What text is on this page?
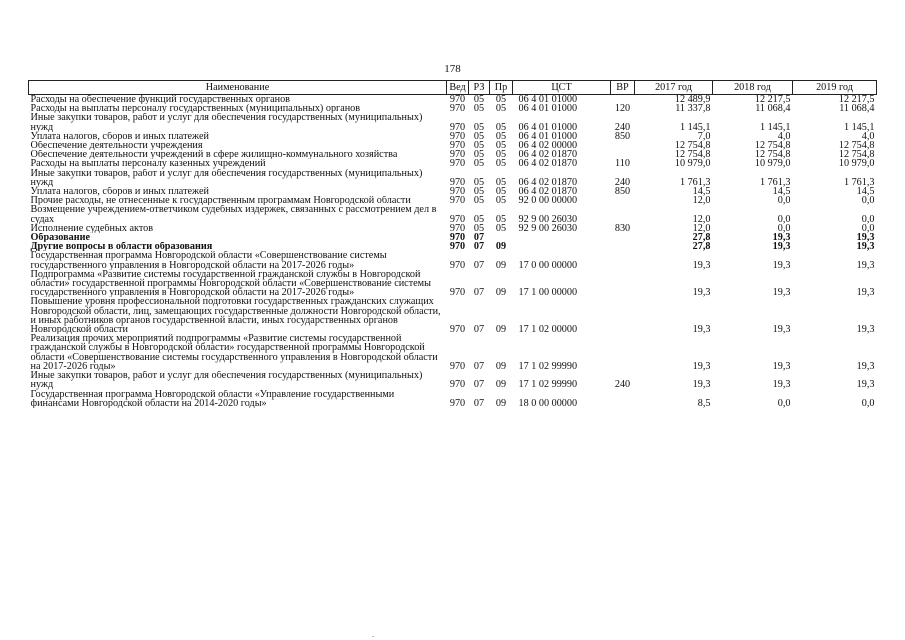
178
Наименование	Вед	РЗ	Пр	ЦСТ	ВР	2017 год	2018 год	2019 год
Расходы на обеспечение функций государственных органов	970	05	05	06 4 01 01000		12 489,9	12 217,5	12 217,5
Расходы на выплаты персоналу государственных (муниципальных) органов	970	05	05	06 4 01 01000	120	11 337,8	11 068,4	11 068,4
Иные закупки товаров, работ и услуг для обеспечения государственных (муниципальных) нужд	970	05	05	06 4 01 01000	240	1 145,1	1 145,1	1 145,1
Уплата налогов, сборов и иных платежей	970	05	05	06 4 01 01000	850	7,0	4,0	4,0
Обеспечение деятельности учреждения	970	05	05	06 4 02 00000		12 754,8	12 754,8	12 754,8
Обеспечение деятельности учреждений в сфере жилищно-коммунального хозяйства	970	05	05	06 4 02 01870		12 754,8	12 754,8	12 754,8
Расходы на выплаты персоналу казенных учреждений	970	05	05	06 4 02 01870	110	10 979,0	10 979,0	10 979,0
Иные закупки товаров, работ и услуг для обеспечения государственных (муниципальных) нужд	970	05	05	06 4 02 01870	240	1 761,3	1 761,3	1 761,3
Уплата налогов, сборов и иных платежей	970	05	05	06 4 02 01870	850	14,5	14,5	14,5
Прочие расходы, не отнесенные к государственным программам Новгородской области	970	05	05	92 0 00 00000		12,0	0,0	0,0
Возмещение учреждением-ответчиком судебных издержек, связанных с рассмотрением дел в судах	970	05	05	92 9 00 26030		12,0	0,0	0,0
Исполнение судебных актов	970	05	05	92 9 00 26030	830	12,0	0,0	0,0
Образование	970	07				27,8	19,3	19,3
Другие вопросы в области образования	970	07	09			27,8	19,3	19,3
Государственная программа Новгородской области «Совершенствование системы государственного управления в Новгородской области на 2017-2026 годы»	970	07	09	17 0 00 00000		19,3	19,3	19,3
Подпрограмма «Развитие системы государственной гражданской службы в Новгородской области» государственной программы Новгородской области «Совершенствование системы государственного управления в Новгородской области на 2017-2026 годы»	970	07	09	17 1 00 00000		19,3	19,3	19,3
Повышение уровня профессиональной подготовки государственных гражданских служащих Новгородской области, лиц, замещающих государственные должности Новгородской области, и иных работников органов государственной власти, иных государственных органов Новгородской области	970	07	09	17 1 02 00000		19,3	19,3	19,3
Реализация прочих мероприятий подпрограммы «Развитие системы государственной гражданской службы в Новгородской области» государственной программы Новгородской области «Совершенствование системы государственного управления в Новгородской области на 2017-2026 годы»	970	07	09	17 1 02 99990		19,3	19,3	19,3
Иные закупки товаров, работ и услуг для обеспечения государственных (муниципальных) нужд	970	07	09	17 1 02 99990	240	19,3	19,3	19,3
Государственная программа Новгородской области «Управление государственными финансами Новгородской области на 2014-2020 годы»	970	07	09	18 0 00 00000		8,5	0,0	0,0
.
